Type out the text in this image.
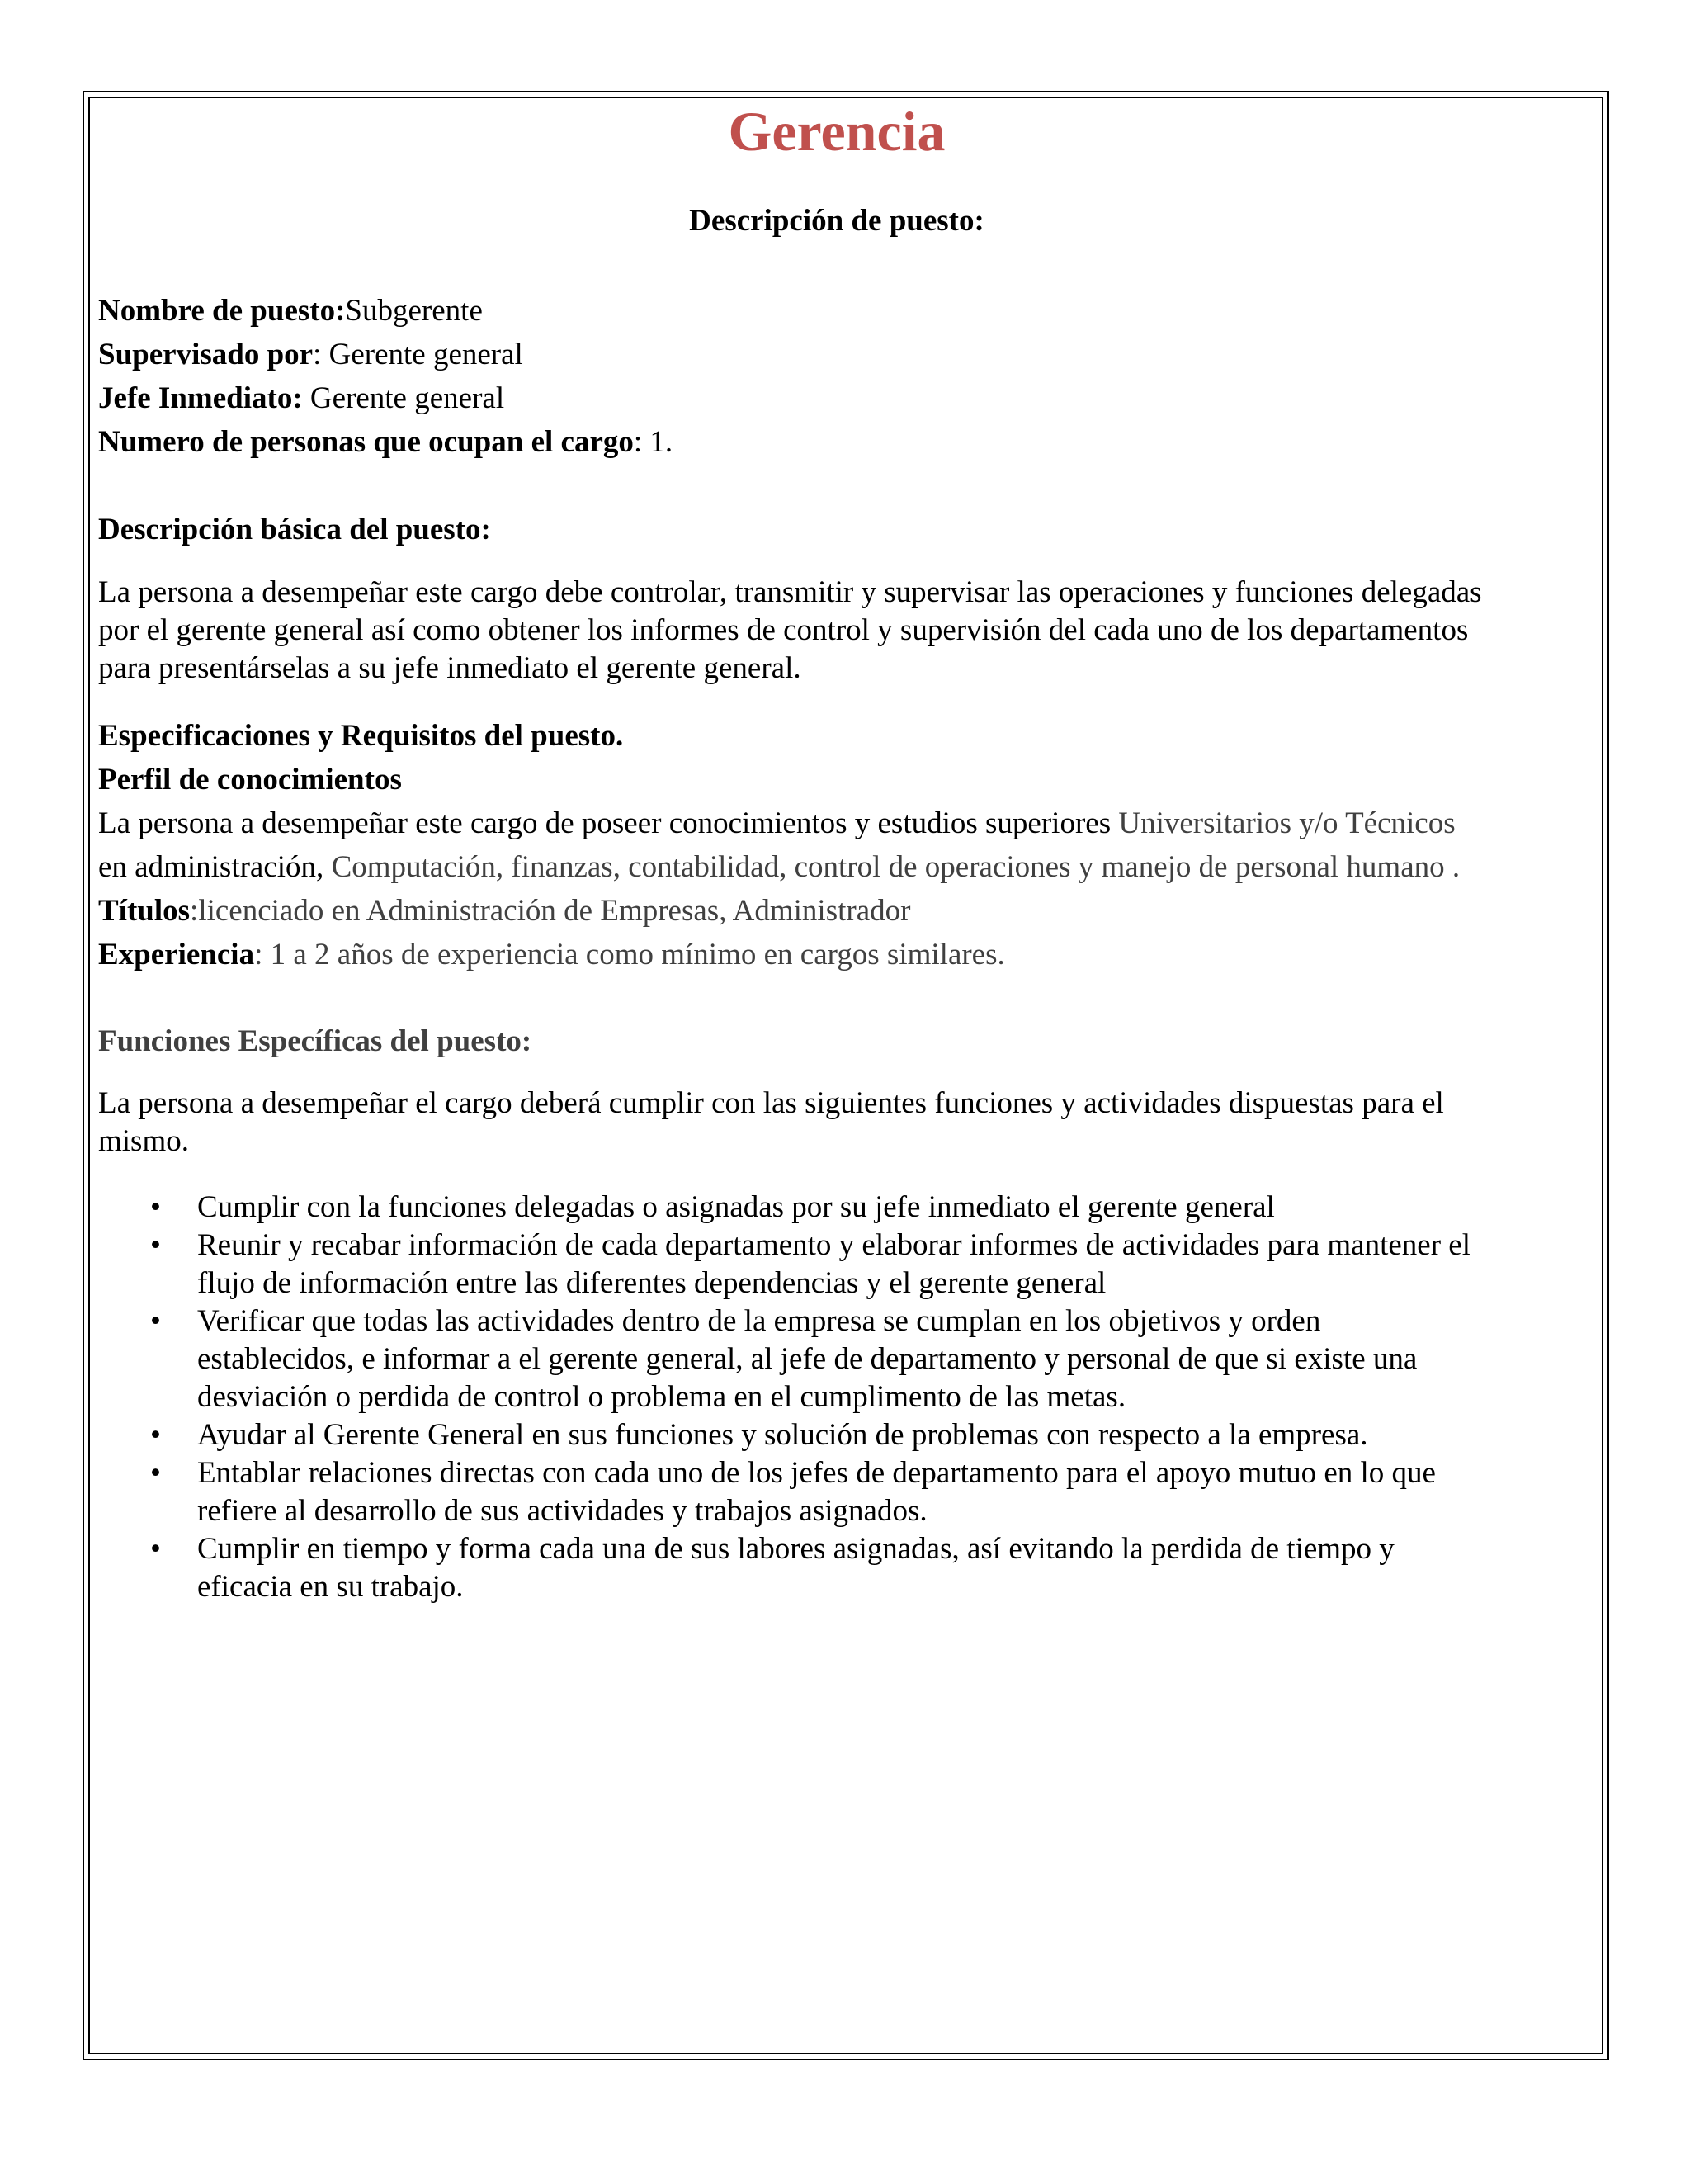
Gerencia
Descripción de puesto:
Nombre de puesto:Subgerente
Supervisado por: Gerente general
Jefe Inmediato: Gerente general
Numero de personas que ocupan el cargo: 1.
Descripción básica del puesto:
La persona a desempeñar este cargo debe controlar, transmitir y supervisar las operaciones y funciones delegadas
por el gerente general así como obtener los informes de control y supervisión del cada uno de los departamentos
para presentárselas a su jefe inmediato el gerente general.
Especificaciones y Requisitos del puesto.
Perfil de conocimientos
La persona a desempeñar este cargo de poseer conocimientos y estudios superiores Universitarios y/o Técnicos
en administración, Computación, finanzas, contabilidad, control de operaciones y manejo de personal humano .
Títulos:licenciado en Administración de Empresas, Administrador
Experiencia: 1 a 2 años de experiencia como mínimo en cargos similares.
Funciones Específicas del puesto:
La persona a desempeñar el cargo deberá cumplir con las siguientes funciones y actividades dispuestas para el
mismo.
• Cumplir con la funciones delegadas o asignadas por su jefe inmediato el gerente general
• Reunir y recabar información de cada departamento y elaborar informes de actividades para mantener el
flujo de información entre las diferentes dependencias y el gerente general
• Verificar que todas las actividades dentro de la empresa se cumplan en los objetivos y orden
establecidos, e informar a el gerente general, al jefe de departamento y personal de que si existe una
desviación o perdida de control o problema en el cumplimento de las metas.
• Ayudar al Gerente General en sus funciones y solución de problemas con respecto a la empresa.
• Entablar relaciones directas con cada uno de los jefes de departamento para el apoyo mutuo en lo que
refiere al desarrollo de sus actividades y trabajos asignados.
• Cumplir en tiempo y forma cada una de sus labores asignadas, así evitando la perdida de tiempo y
eficacia en su trabajo.
